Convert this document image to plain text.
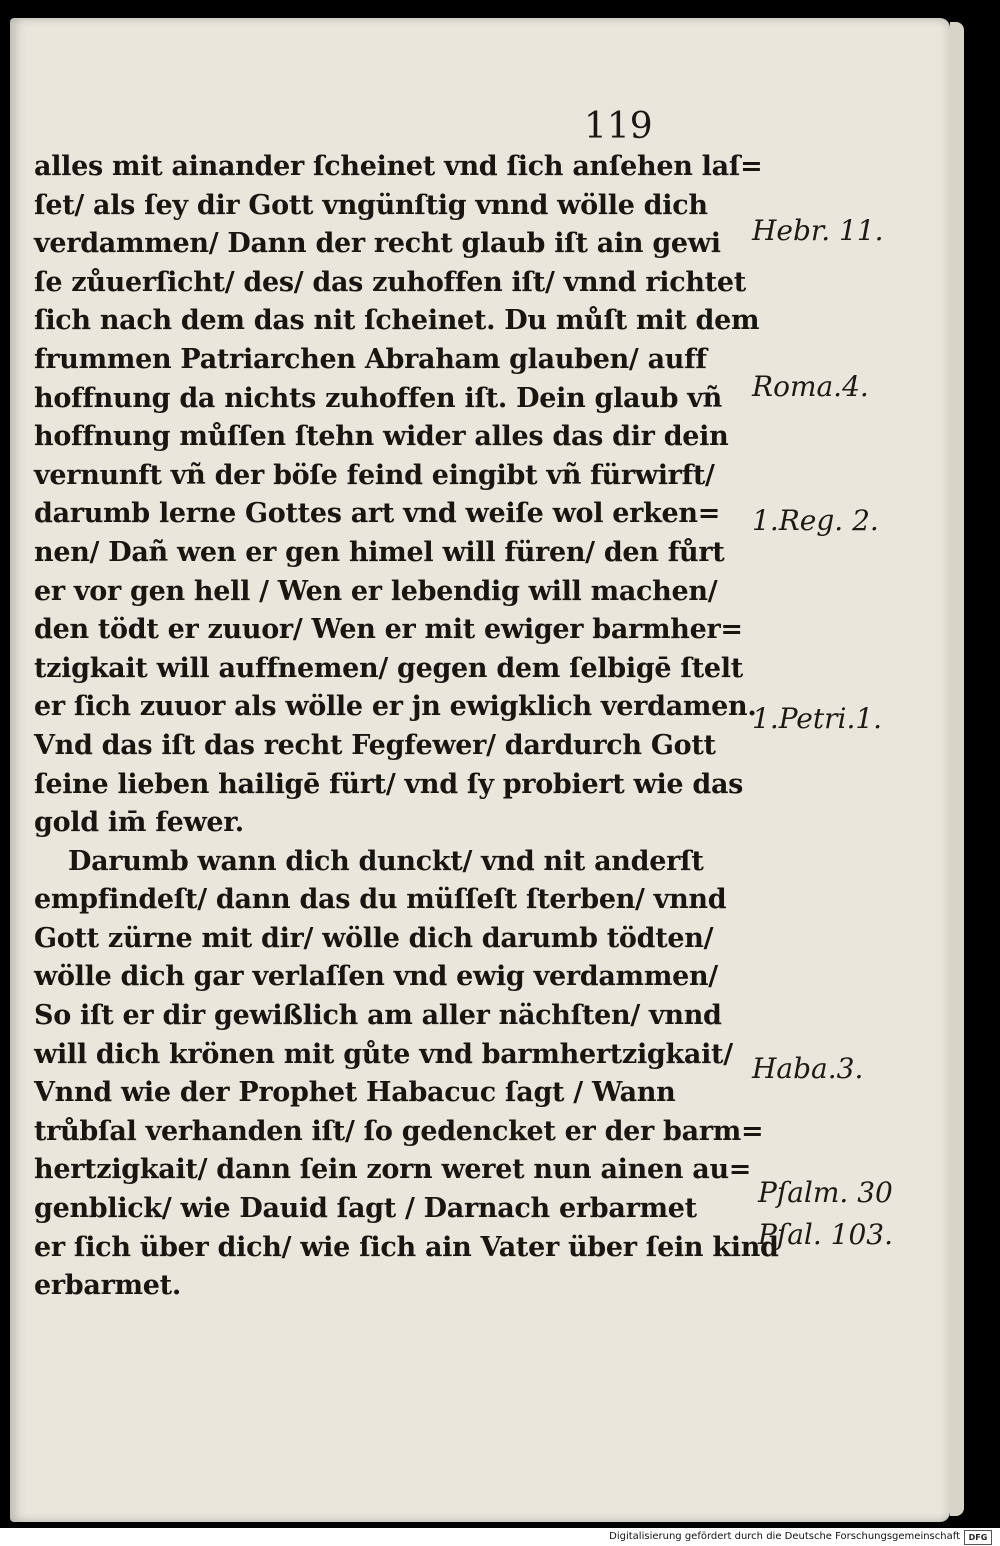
119
alles mit ainander ſcheinet vnd ſich anſehen laſ=
ſet/ als ſey dir Gott vngünſtig vnnd wölle dich
verdammen/ Dann der recht glaub iſt ain gewi
ſe zůuerſicht/ des/ das zuhoffen iſt/ vnnd richtet
ſich nach dem das nit ſcheinet. Du můſt mit dem
frummen Patriarchen Abraham glauben/ auff
hoffnung da nichts zuhoffen iſt. Dein glaub vñ
hoffnung můſſen ſtehn wider alles das dir dein
vernunft vñ der böſe feind eingibt vñ fürwirft/
darumb lerne Gottes art vnd weiſe wol erken=
nen/ Dañ wen er gen himel will füren/ den fůrt
er vor gen hell / Wen er lebendig will machen/
den tödt er zuuor/ Wen er mit ewiger barmher=
tzigkait will auffnemen/ gegen dem ſelbigē ſtelt
er ſich zuuor als wölle er jn ewigklich verdamen.
Vnd das iſt das recht Fegfewer/ dardurch Gott
ſeine lieben hailigē fürt/ vnd ſy probiert wie das
gold im̄ fewer.
Darumb wann dich dunckt/ vnd nit anderſt
empfindeſt/ dann das du müſſeſt ſterben/ vnnd
Gott zürne mit dir/ wölle dich darumb tödten/
wölle dich gar verlaſſen vnd ewig verdammen/
So iſt er dir gewißlich am aller nächſten/ vnnd
will dich krönen mit gůte vnd barmhertzigkait/
Vnnd wie der Prophet Habacuc ſagt / Wann
trůbſal verhanden iſt/ ſo gedencket er der barm=
hertzigkait/ dann ſein zorn weret nun ainen au=
genblick/ wie Dauid ſagt / Darnach erbarmet
er ſich über dich/ wie ſich ain Vater über ſein kind
erbarmet.
Hebr. 11.
Roma.4.
1.Reg. 2.
1.Petri.1.
Haba.3.
Pſalm. 30
Pſal. 103.
Digitalisierung gefördert durch die Deutsche Forschungsgemeinschaft	DFG
